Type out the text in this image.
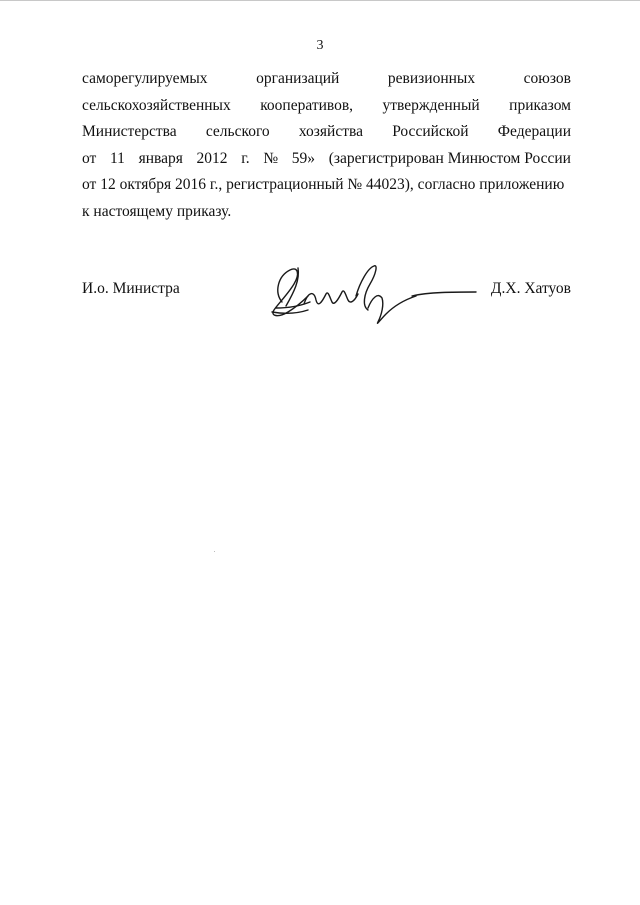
3
саморегулируемых	организаций	ревизионных	союзов
сельскохозяйственных кооперативов, утвержденный приказом
Министерства сельского хозяйства Российской Федерации
от 11 января 2012 г. № 59» (зарегистрирован Минюстом России
от 12 октября 2016 г., регистрационный № 44023), согласно приложению
к настоящему приказу.
И.о. Министра	Д.Х. Хатуов
